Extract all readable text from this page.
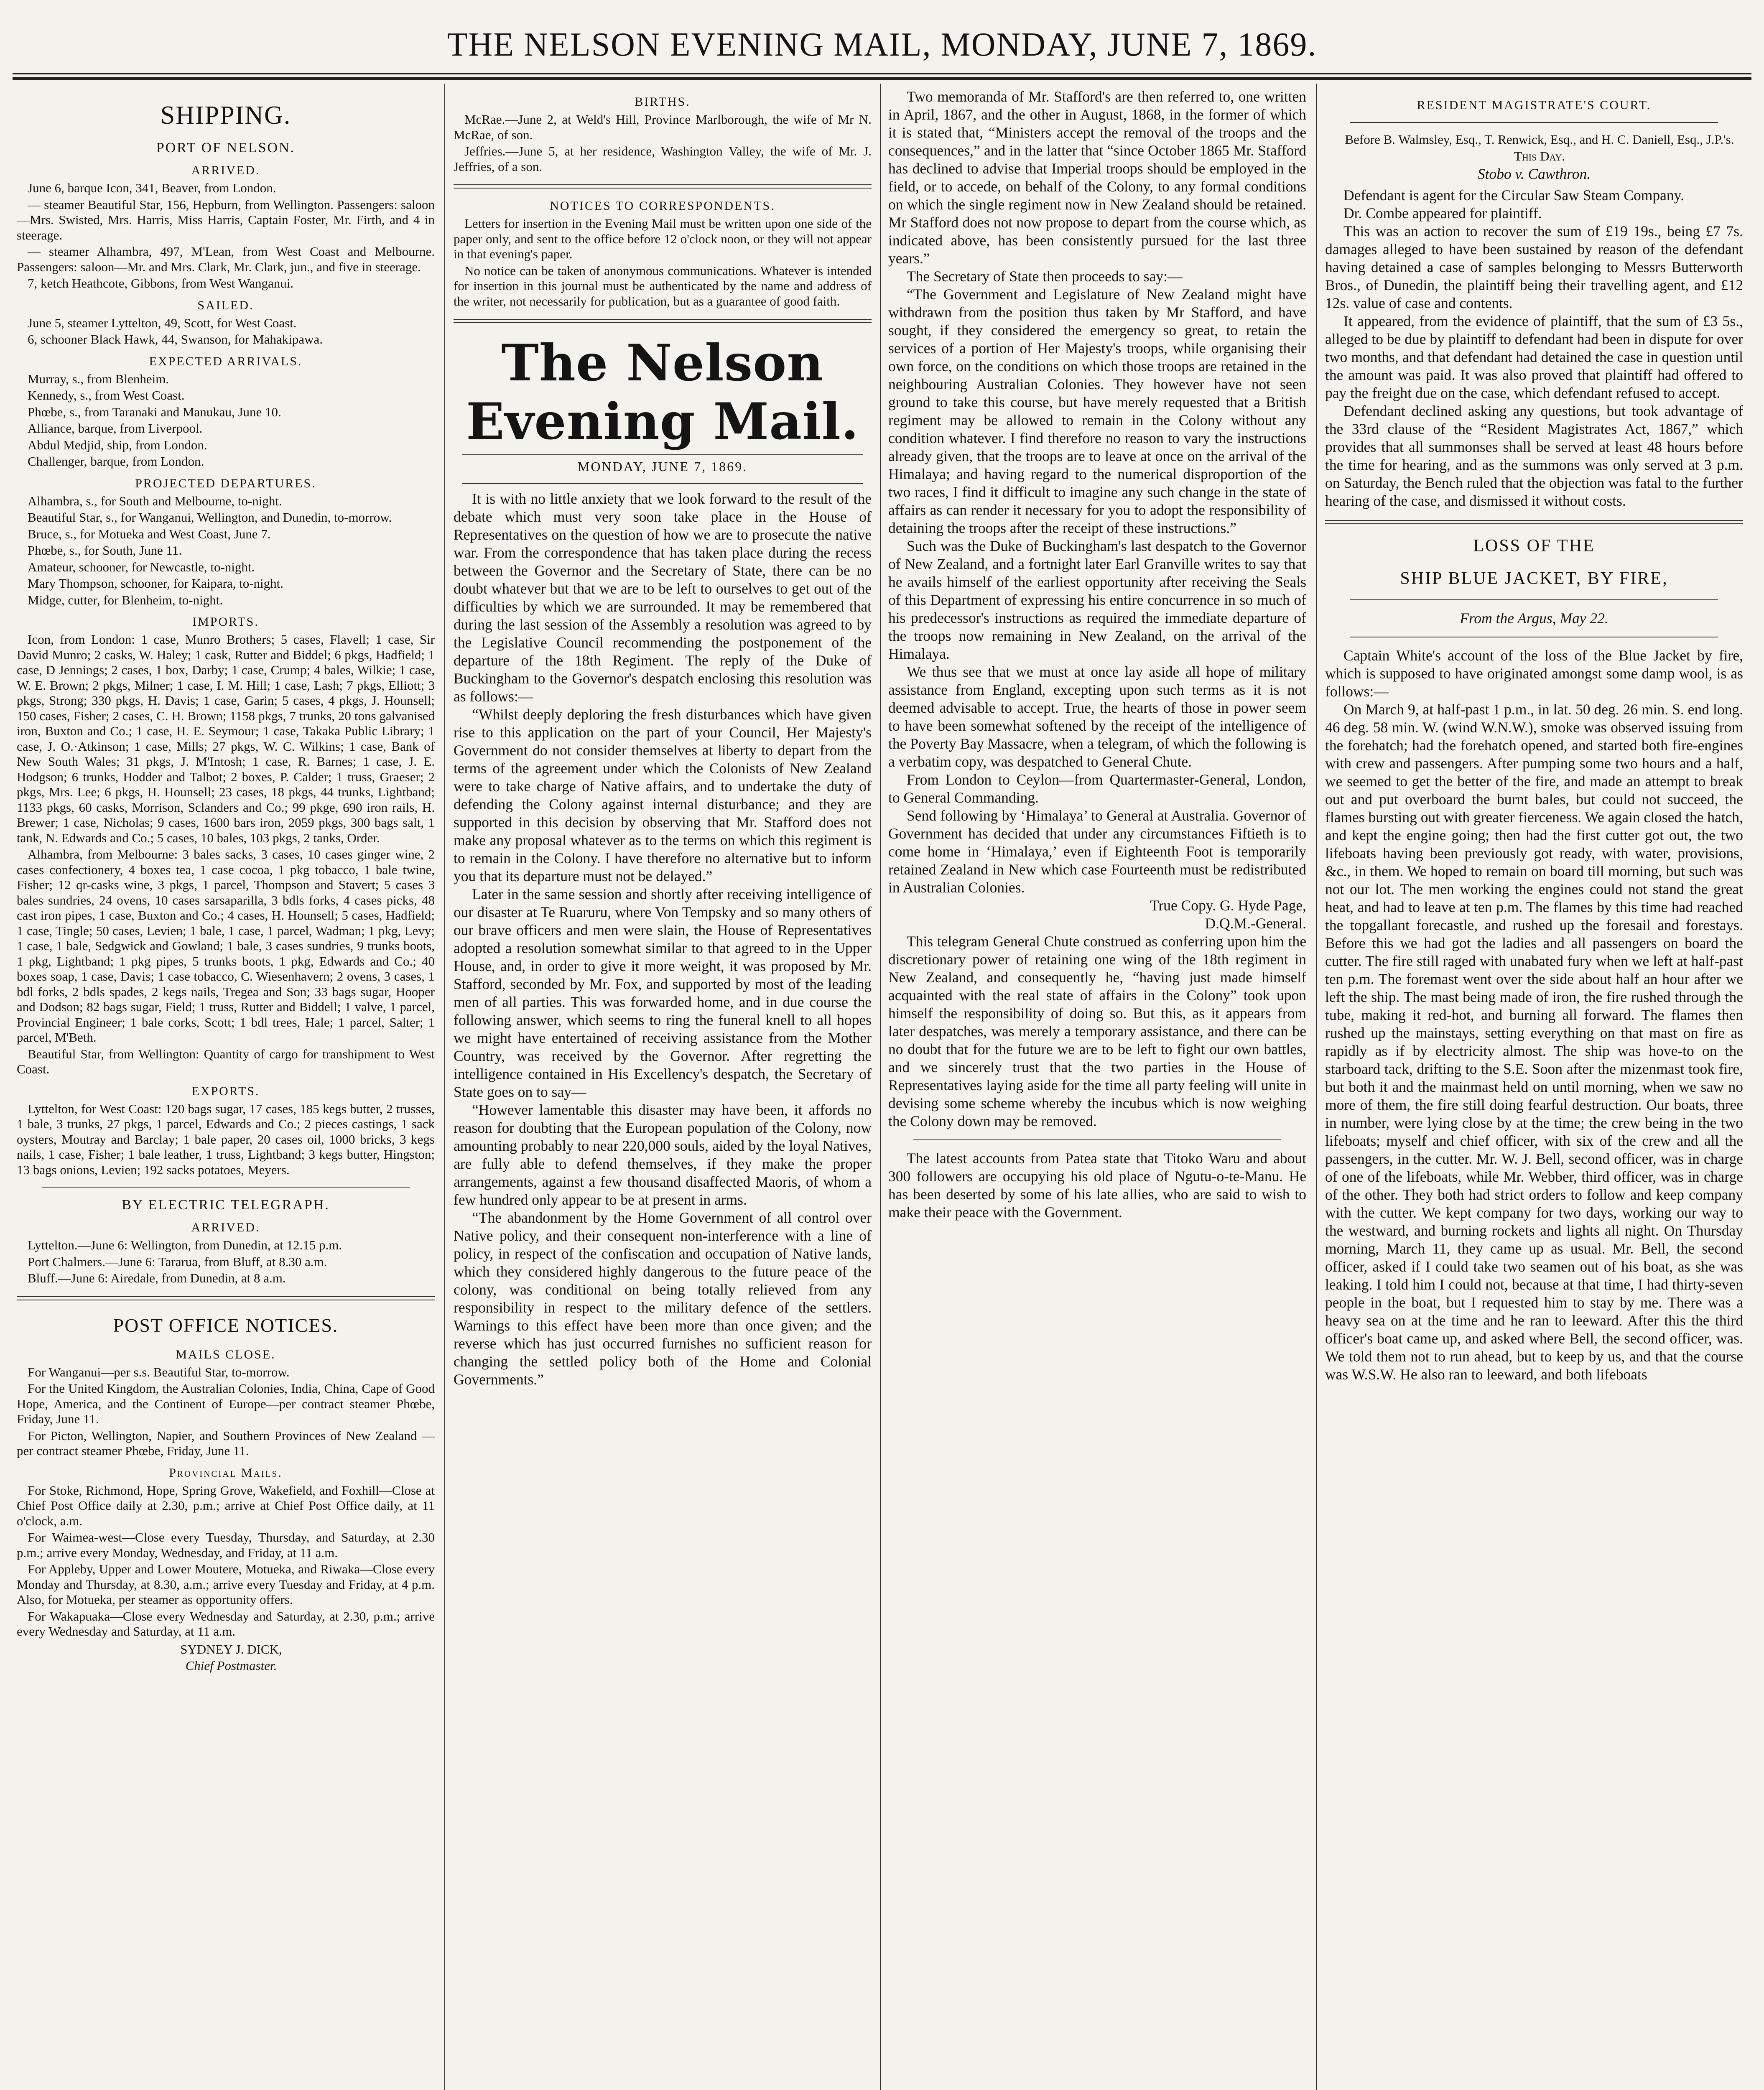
THE NELSON EVENING MAIL, MONDAY, JUNE 7, 1869.
SHIPPING.
PORT OF NELSON.
ARRIVED.

June 6, barque Icon, 341, Beaver, from London.

— steamer Beautiful Star, 156, Hepburn, from Wellington. Passengers: saloon—Mrs. Swisted, Mrs. Harris, Miss Harris, Captain Foster, Mr. Firth, and 4 in steerage.

— steamer Alhambra, 497, M'Lean, from West Coast and Melbourne. Passengers: saloon—Mr. and Mrs. Clark, Mr. Clark, jun., and five in steerage.

7, ketch Heathcote, Gibbons, from West Wanganui.

SAILED.

June 5, steamer Lyttelton, 49, Scott, for West Coast.

6, schooner Black Hawk, 44, Swanson, for Mahakipawa.

EXPECTED ARRIVALS.

Murray, s., from Blenheim.

Kennedy, s., from West Coast.

Phœbe, s., from Taranaki and Manukau, June 10.

Alliance, barque, from Liverpool.

Abdul Medjid, ship, from London.

Challenger, barque, from London.

PROJECTED DEPARTURES.

Alhambra, s., for South and Melbourne, to-night.

Beautiful Star, s., for Wanganui, Wellington, and Dunedin, to-morrow.

Bruce, s., for Motueka and West Coast, June 7.

Phœbe, s., for South, June 11.

Amateur, schooner, for Newcastle, to-night.

Mary Thompson, schooner, for Kaipara, to-night.

Midge, cutter, for Blenheim, to-night.

IMPORTS.

Icon, from London: 1 case, Munro Brothers; 5 cases, Flavell; 1 case, Sir David Munro; 2 casks, W. Haley; 1 cask, Rutter and Biddel; 6 pkgs, Hadfield; 1 case, D Jennings; 2 cases, 1 box, Darby; 1 case, Crump; 4 bales, Wilkie; 1 case, W. E. Brown; 2 pkgs, Milner; 1 case, I. M. Hill; 1 case, Lash; 7 pkgs, Elliott; 3 pkgs, Strong; 330 pkgs, H. Davis; 1 case, Garin; 5 cases, 4 pkgs, J. Hounsell; 150 cases, Fisher; 2 cases, C. H. Brown; 1158 pkgs, 7 trunks, 20 tons galvanised iron, Buxton and Co.; 1 case, H. E. Seymour; 1 case, Takaka Public Library; 1 case, J. O.·Atkinson; 1 case, Mills; 27 pkgs, W. C. Wilkins; 1 case, Bank of New South Wales; 31 pkgs, J. M'Intosh; 1 case, R. Barnes; 1 case, J. E. Hodgson; 6 trunks, Hodder and Talbot; 2 boxes, P. Calder; 1 truss, Graeser; 2 pkgs, Mrs. Lee; 6 pkgs, H. Hounsell; 23 cases, 18 pkgs, 44 trunks, Lightband; 1133 pkgs, 60 casks, Morrison, Sclanders and Co.; 99 pkge, 690 iron rails, H. Brewer; 1 case, Nicholas; 9 cases, 1600 bars iron, 2059 pkgs, 300 bags salt, 1 tank, N. Edwards and Co.; 5 cases, 10 bales, 103 pkgs, 2 tanks, Order.

Alhambra, from Melbourne: 3 bales sacks, 3 cases, 10 cases ginger wine, 2 cases confectionery, 4 boxes tea, 1 case cocoa, 1 pkg tobacco, 1 bale twine, Fisher; 12 qr-casks wine, 3 pkgs, 1 parcel, Thompson and Stavert; 5 cases 3 bales sundries, 24 ovens, 10 cases sarsaparilla, 3 bdls forks, 4 cases picks, 48 cast iron pipes, 1 case, Buxton and Co.; 4 cases, H. Hounsell; 5 cases, Hadfield; 1 case, Tingle; 50 cases, Levien; 1 bale, 1 case, 1 parcel, Wadman; 1 pkg, Levy; 1 case, 1 bale, Sedgwick and Gowland; 1 bale, 3 cases sundries, 9 trunks boots, 1 pkg, Lightband; 1 pkg pipes, 5 trunks boots, 1 pkg, Edwards and Co.; 40 boxes soap, 1 case, Davis; 1 case tobacco, C. Wiesenhavern; 2 ovens, 3 cases, 1 bdl forks, 2 bdls spades, 2 kegs nails, Tregea and Son; 33 bags sugar, Hooper and Dodson; 82 bags sugar, Field; 1 truss, Rutter and Biddell; 1 valve, 1 parcel, Provincial Engineer; 1 bale corks, Scott; 1 bdl trees, Hale; 1 parcel, Salter; 1 parcel, M'Beth.

Beautiful Star, from Wellington: Quantity of cargo for transhipment to West Coast.

EXPORTS.

Lyttelton, for West Coast: 120 bags sugar, 17 cases, 185 kegs butter, 2 trusses, 1 bale, 3 trunks, 27 pkgs, 1 parcel, Edwards and Co.; 2 pieces castings, 1 sack oysters, Moutray and Barclay; 1 bale paper, 20 cases oil, 1000 bricks, 3 kegs nails, 1 case, Fisher; 1 bale leather, 1 truss, Lightband; 3 kegs butter, Hingston; 13 bags onions, Levien; 192 sacks potatoes, Meyers.

BY ELECTRIC TELEGRAPH.
ARRIVED.

Lyttelton.—June 6: Wellington, from Dunedin, at 12.15 p.m.

Port Chalmers.—June 6: Tararua, from Bluff, at 8.30 a.m.

Bluff.—June 6: Airedale, from Dunedin, at 8 a.m.

POST OFFICE NOTICES.
MAILS CLOSE.

For Wanganui—per s.s. Beautiful Star, to-morrow.

For the United Kingdom, the Australian Colonies, India, China, Cape of Good Hope, America, and the Continent of Europe—per contract steamer Phœbe, Friday, June 11.

For Picton, Wellington, Napier, and Southern Provinces of New Zealand — per contract steamer Phœbe, Friday, June 11.

Provincial Mails.

For Stoke, Richmond, Hope, Spring Grove, Wakefield, and Foxhill—Close at Chief Post Office daily at 2.30, p.m.; arrive at Chief Post Office daily, at 11 o'clock, a.m.

For Waimea-west—Close every Tuesday, Thursday, and Saturday, at 2.30 p.m.; arrive every Monday, Wednesday, and Friday, at 11 a.m.

For Appleby, Upper and Lower Moutere, Motueka, and Riwaka—Close every Monday and Thursday, at 8.30, a.m.; arrive every Tuesday and Friday, at 4 p.m. Also, for Motueka, per steamer as opportunity offers.

For Wakapuaka—Close every Wednesday and Saturday, at 2.30, p.m.; arrive every Wednesday and Saturday, at 11 a.m.

SYDNEY J. DICK,

Chief Postmaster.

BIRTHS.

McRae.—June 2, at Weld's Hill, Province Marlborough, the wife of Mr N. McRae, of son.

Jeffries.—June 5, at her residence, Washington Valley, the wife of Mr. J. Jeffries, of a son.

NOTICES TO CORRESPONDENTS.

Letters for insertion in the Evening Mail must be written upon one side of the paper only, and sent to the office before 12 o'clock noon, or they will not appear in that evening's paper.

No notice can be taken of anonymous communications. Whatever is intended for insertion in this journal must be authenticated by the name and address of the writer, not necessarily for publication, but as a guarantee of good faith.

The Nelson Evening Mail.
MONDAY, JUNE 7, 1869.

It is with no little anxiety that we look forward to the result of the debate which must very soon take place in the House of Representatives on the question of how we are to prosecute the native war. From the correspondence that has taken place during the recess between the Governor and the Secretary of State, there can be no doubt whatever but that we are to be left to ourselves to get out of the difficulties by which we are surrounded. It may be remembered that during the last session of the Assembly a resolution was agreed to by the Legislative Council recommending the postponement of the departure of the 18th Regiment. The reply of the Duke of Buckingham to the Governor's despatch enclosing this resolution was as follows:—

“Whilst deeply deploring the fresh disturbances which have given rise to this application on the part of your Council, Her Majesty's Government do not consider themselves at liberty to depart from the terms of the agreement under which the Colonists of New Zealand were to take charge of Native affairs, and to undertake the duty of defending the Colony against internal disturbance; and they are supported in this decision by observing that Mr. Stafford does not make any proposal whatever as to the terms on which this regiment is to remain in the Colony. I have therefore no alternative but to inform you that its departure must not be delayed.”

Later in the same session and shortly after receiving intelligence of our disaster at Te Ruaruru, where Von Tempsky and so many others of our brave officers and men were slain, the House of Representatives adopted a resolution somewhat similar to that agreed to in the Upper House, and, in order to give it more weight, it was proposed by Mr. Stafford, seconded by Mr. Fox, and supported by most of the leading men of all parties. This was forwarded home, and in due course the following answer, which seems to ring the funeral knell to all hopes we might have entertained of receiving assistance from the Mother Country, was received by the Governor. After regretting the intelligence contained in His Excellency's despatch, the Secretary of State goes on to say—

“However lamentable this disaster may have been, it affords no reason for doubting that the European population of the Colony, now amounting probably to near 220,000 souls, aided by the loyal Natives, are fully able to defend themselves, if they make the proper arrangements, against a few thousand disaffected Maoris, of whom a few hundred only appear to be at present in arms.

“The abandonment by the Home Government of all control over Native policy, and their consequent non-interference with a line of policy, in respect of the confiscation and occupation of Native lands, which they considered highly dangerous to the future peace of the colony, was conditional on being totally relieved from any responsibility in respect to the military defence of the settlers. Warnings to this effect have been more than once given; and the reverse which has just occurred furnishes no sufficient reason for changing the settled policy both of the Home and Colonial Governments.”

Two memoranda of Mr. Stafford's are then referred to, one written in April, 1867, and the other in August, 1868, in the former of which it is stated that, “Ministers accept the removal of the troops and the consequences,” and in the latter that “since October 1865 Mr. Stafford has declined to advise that Imperial troops should be employed in the field, or to accede, on behalf of the Colony, to any formal conditions on which the single regiment now in New Zealand should be retained. Mr Stafford does not now propose to depart from the course which, as indicated above, has been consistently pursued for the last three years.”

The Secretary of State then proceeds to say:—

“The Government and Legislature of New Zealand might have withdrawn from the position thus taken by Mr Stafford, and have sought, if they considered the emergency so great, to retain the services of a portion of Her Majesty's troops, while organising their own force, on the conditions on which those troops are retained in the neighbouring Australian Colonies. They however have not seen ground to take this course, but have merely requested that a British regiment may be allowed to remain in the Colony without any condition whatever. I find therefore no reason to vary the instructions already given, that the troops are to leave at once on the arrival of the Himalaya; and having regard to the numerical disproportion of the two races, I find it difficult to imagine any such change in the state of affairs as can render it necessary for you to adopt the responsibility of detaining the troops after the receipt of these instructions.”

Such was the Duke of Buckingham's last despatch to the Governor of New Zealand, and a fortnight later Earl Granville writes to say that he avails himself of the earliest opportunity after receiving the Seals of this Department of expressing his entire concurrence in so much of his predecessor's instructions as required the immediate departure of the troops now remaining in New Zealand, on the arrival of the Himalaya.

We thus see that we must at once lay aside all hope of military assistance from England, excepting upon such terms as it is not deemed advisable to accept. True, the hearts of those in power seem to have been somewhat softened by the receipt of the intelligence of the Poverty Bay Massacre, when a telegram, of which the following is a verbatim copy, was despatched to General Chute.

From London to Ceylon—from Quartermaster-General, London, to General Commanding.

Send following by ‘Himalaya’ to General at Australia. Governor of Government has decided that under any circumstances Fiftieth is to come home in ‘Himalaya,’ even if Eighteenth Foot is temporarily retained Zealand in New which case Fourteenth must be redistributed in Australian Colonies.

True Copy. G. Hyde Page,

D.Q.M.-General.

This telegram General Chute construed as conferring upon him the discretionary power of retaining one wing of the 18th regiment in New Zealand, and consequently he, “having just made himself acquainted with the real state of affairs in the Colony” took upon himself the responsibility of doing so. But this, as it appears from later despatches, was merely a temporary assistance, and there can be no doubt that for the future we are to be left to fight our own battles, and we sincerely trust that the two parties in the House of Representatives laying aside for the time all party feeling will unite in devising some scheme whereby the incubus which is now weighing the Colony down may be removed.

The latest accounts from Patea state that Titoko Waru and about 300 followers are occupying his old place of Ngutu-o-te-Manu. He has been deserted by some of his late allies, who are said to wish to make their peace with the Government.

RESIDENT MAGISTRATE'S COURT.

Before B. Walmsley, Esq., T. Renwick, Esq., and H. C. Daniell, Esq., J.P.'s.

This Day.

Stobo v. Cawthron.

Defendant is agent for the Circular Saw Steam Company.

Dr. Combe appeared for plaintiff.

This was an action to recover the sum of £19 19s., being £7 7s. damages alleged to have been sustained by reason of the defendant having detained a case of samples belonging to Messrs Butterworth Bros., of Dunedin, the plaintiff being their travelling agent, and £12 12s. value of case and contents.

It appeared, from the evidence of plaintiff, that the sum of £3 5s., alleged to be due by plaintiff to defendant had been in dispute for over two months, and that defendant had detained the case in question until the amount was paid. It was also proved that plaintiff had offered to pay the freight due on the case, which defendant refused to accept.

Defendant declined asking any questions, but took advantage of the 33rd clause of the “Resident Magistrates Act, 1867,” which provides that all summonses shall be served at least 48 hours before the time for hearing, and as the summons was only served at 3 p.m. on Saturday, the Bench ruled that the objection was fatal to the further hearing of the case, and dismissed it without costs.

LOSS OF THE
SHIP BLUE JACKET, BY FIRE,

From the Argus, May 22.

Captain White's account of the loss of the Blue Jacket by fire, which is supposed to have originated amongst some damp wool, is as follows:—

On March 9, at half-past 1 p.m., in lat. 50 deg. 26 min. S. end long. 46 deg. 58 min. W. (wind W.N.W.), smoke was observed issuing from the forehatch; had the forehatch opened, and started both fire-engines with crew and passengers. After pumping some two hours and a half, we seemed to get the better of the fire, and made an attempt to break out and put overboard the burnt bales, but could not succeed, the flames bursting out with greater fierceness. We again closed the hatch, and kept the engine going; then had the first cutter got out, the two lifeboats having been previously got ready, with water, provisions, &c., in them. We hoped to remain on board till morning, but such was not our lot. The men working the engines could not stand the great heat, and had to leave at ten p.m. The flames by this time had reached the topgallant forecastle, and rushed up the foresail and forestays. Before this we had got the ladies and all passengers on board the cutter. The fire still raged with unabated fury when we left at half-past ten p.m. The foremast went over the side about half an hour after we left the ship. The mast being made of iron, the fire rushed through the tube, making it red-hot, and burning all forward. The flames then rushed up the mainstays, setting everything on that mast on fire as rapidly as if by electricity almost. The ship was hove-to on the starboard tack, drifting to the S.E. Soon after the mizenmast took fire, but both it and the mainmast held on until morning, when we saw no more of them, the fire still doing fearful destruction. Our boats, three in number, were lying close by at the time; the crew being in the two lifeboats; myself and chief officer, with six of the crew and all the passengers, in the cutter. Mr. W. J. Bell, second officer, was in charge of one of the lifeboats, while Mr. Webber, third officer, was in charge of the other. They both had strict orders to follow and keep company with the cutter. We kept company for two days, working our way to the westward, and burning rockets and lights all night. On Thursday morning, March 11, they came up as usual. Mr. Bell, the second officer, asked if I could take two seamen out of his boat, as she was leaking. I told him I could not, because at that time, I had thirty-seven people in the boat, but I requested him to stay by me. There was a heavy sea on at the time and he ran to leeward. After this the third officer's boat came up, and asked where Bell, the second officer, was. We told them not to run ahead, but to keep by us, and that the course was W.S.W. He also ran to leeward, and both lifeboats
